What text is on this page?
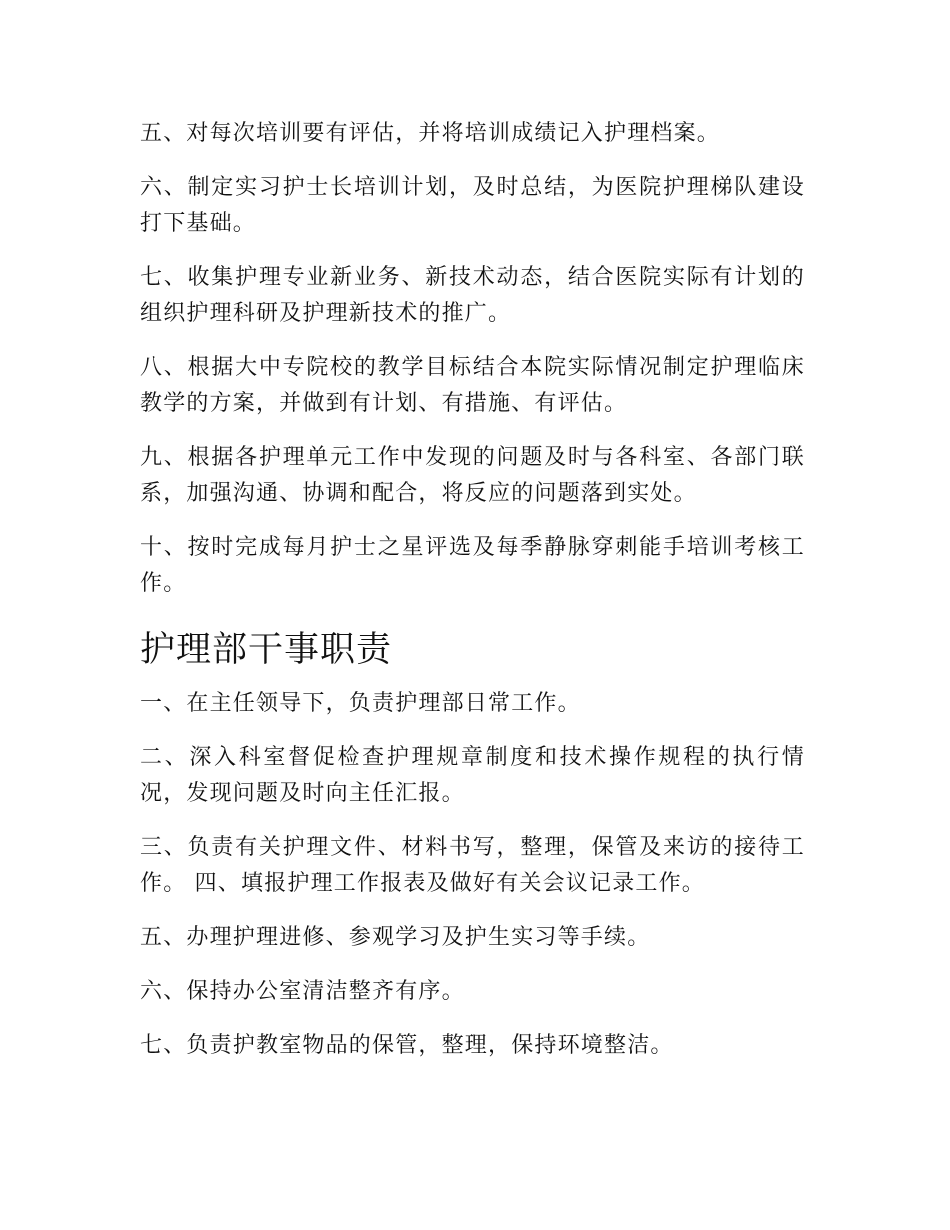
五、对每次培训要有评估，并将培训成绩记入护理档案。

六、制定实习护士长培训计划，及时总结，为医院护理梯队建设打下基础。

七、收集护理专业新业务、新技术动态，结合医院实际有计划的组织护理科研及护理新技术的推广。

八、根据大中专院校的教学目标结合本院实际情况制定护理临床教学的方案，并做到有计划、有措施、有评估。

九、根据各护理单元工作中发现的问题及时与各科室、各部门联系，加强沟通、协调和配合，将反应的问题落到实处。

十、按时完成每月护士之星评选及每季静脉穿刺能手培训考核工作。

护理部干事职责

一、在主任领导下，负责护理部日常工作。

二、深入科室督促检查护理规章制度和技术操作规程的执行情况，发现问题及时向主任汇报。

三、负责有关护理文件、材料书写，整理，保管及来访的接待工作。 四、填报护理工作报表及做好有关会议记录工作。

五、办理护理进修、参观学习及护生实习等手续。

六、保持办公室清洁整齐有序。

七、负责护教室物品的保管，整理，保持环境整洁。
